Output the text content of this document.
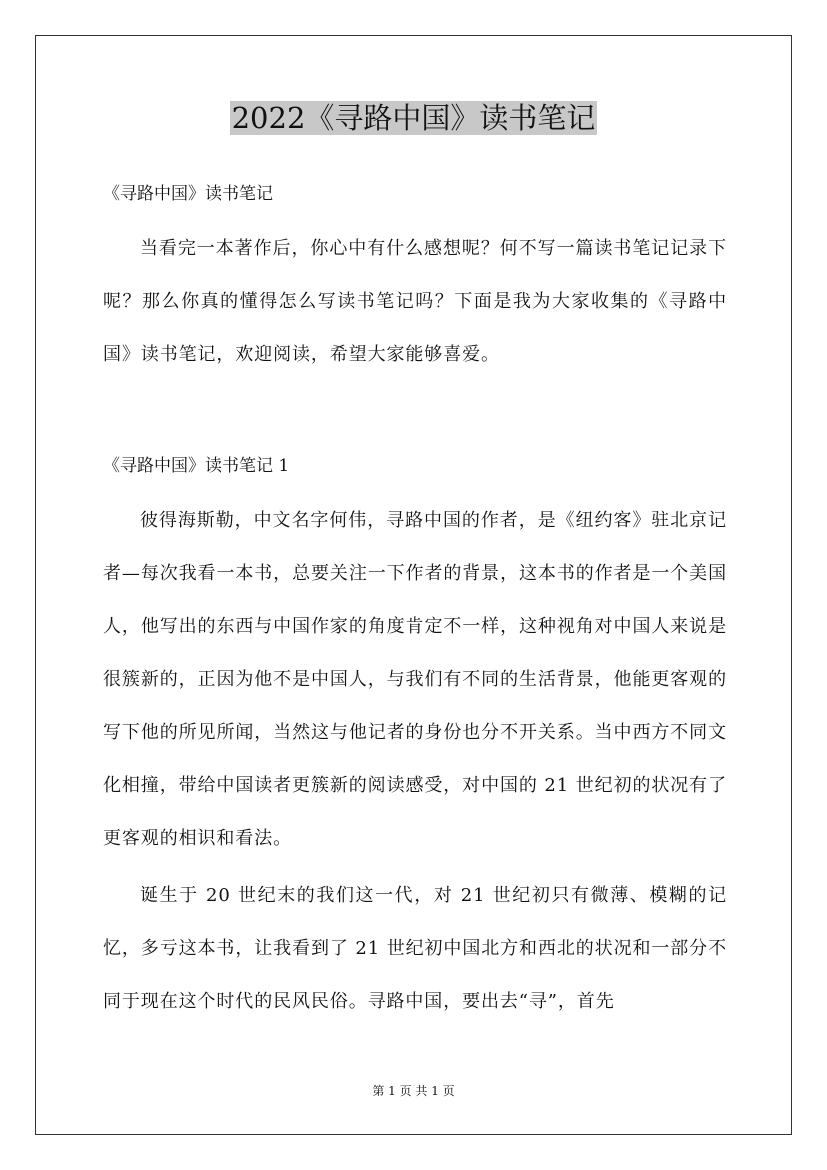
2022《寻路中国》读书笔记

《寻路中国》读书笔记

当看完一本著作后，你心中有什么感想呢？何不写一篇读书笔记记录下呢？那么你真的懂得怎么写读书笔记吗？下面是我为大家收集的《寻路中国》读书笔记，欢迎阅读，希望大家能够喜爱。

《寻路中国》读书笔记 1

彼得海斯勒，中文名字何伟，寻路中国的作者，是《纽约客》驻北京记者—每次我看一本书，总要关注一下作者的背景，这本书的作者是一个美国人，他写出的东西与中国作家的角度肯定不一样，这种视角对中国人来说是很簇新的，正因为他不是中国人，与我们有不同的生活背景，他能更客观的写下他的所见所闻，当然这与他记者的身份也分不开关系。当中西方不同文化相撞，带给中国读者更簇新的阅读感受，对中国的 21 世纪初的状况有了更客观的相识和看法。

诞生于 20 世纪末的我们这一代，对 21 世纪初只有微薄、模糊的记忆，多亏这本书，让我看到了 21 世纪初中国北方和西北的状况和一部分不同于现在这个时代的民风民俗。寻路中国，要出去“寻”，首先

第 1 页 共 1 页
